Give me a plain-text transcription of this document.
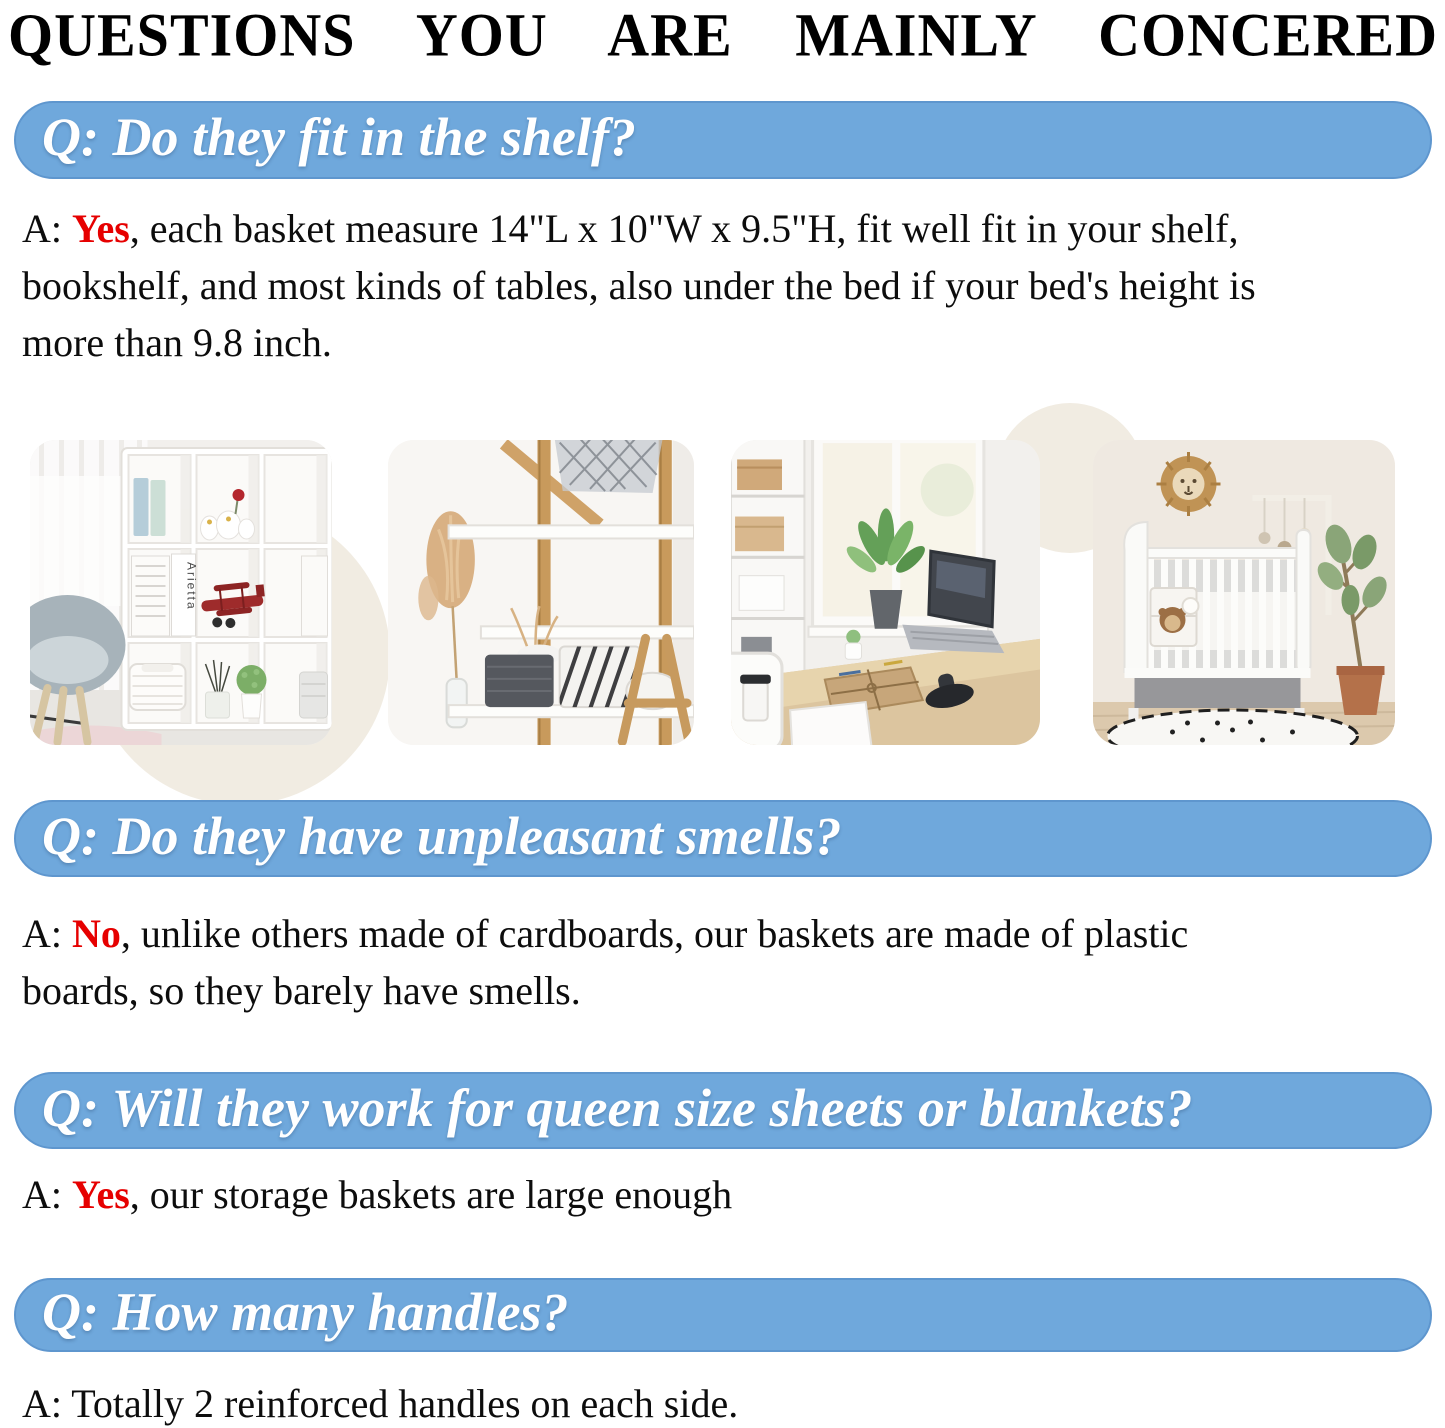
QUESTIONS YOU ARE MAINLY CONCERED
Q: Do they fit in the shelf?
A: Yes, each basket measure 14"L x 10"W x 9.5"H, fit well fit in your shelf,
bookshelf, and most kinds of tables, also under the bed if your bed's height is
more than 9.8 inch.
Arietta
Q: Do they have unpleasant smells?
A: No, unlike others made of cardboards, our baskets are made of plastic
boards, so they barely have smells.
Q: Will they work for queen size sheets or blankets?
A: Yes, our storage baskets are large enough
Q: How many handles?
A: Totally 2 reinforced handles on each side.
